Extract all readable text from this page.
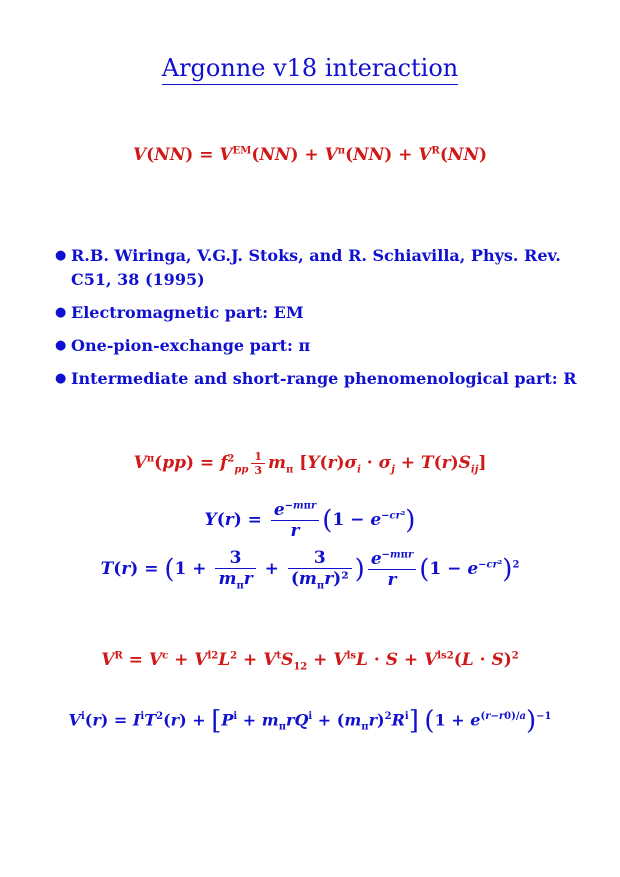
Argonne v18 interaction
$V(NN) = V^{EM}(NN) + V^\pi(NN) + V^R(NN)$
● R.B. Wiringa, V.G.J. Stoks, and R. Schiavilla, Phys. Rev. C51, 38 (1995)
● Electromagnetic part: EM
● One-pion-exchange part: π
● Intermediate and short-range phenomenological part: R
$V^\pi(pp) = f^2_{pp} \frac{1}{3} m_\pi$ $[Y(r)\sigma_i \cdot \sigma_j + T(r)S_{ij}]$
$Y(r) = \frac{e^{-m\pi r}}{r} (1 - e^{-cr^2})$
$T(r) = (1 + \frac{3}{m_\pi r} + \frac{3}{(m_\pi r)^2}$ ) $\frac{e^{-m\pi r}}{r} (1 - e^{-cr^2})^2$
$V^R = V^c + V^{l2}L^2 + V^tS_{12} + V^{ls}L \cdot S + V^{ls2}(L \cdot S)^2$
$V^i(r) = I^iT^2(r) + [P^i + m_\pi rQ^i + (m_\pi r)^2R^i] (1 + e^{(r-r0)/a})^{-1}$
